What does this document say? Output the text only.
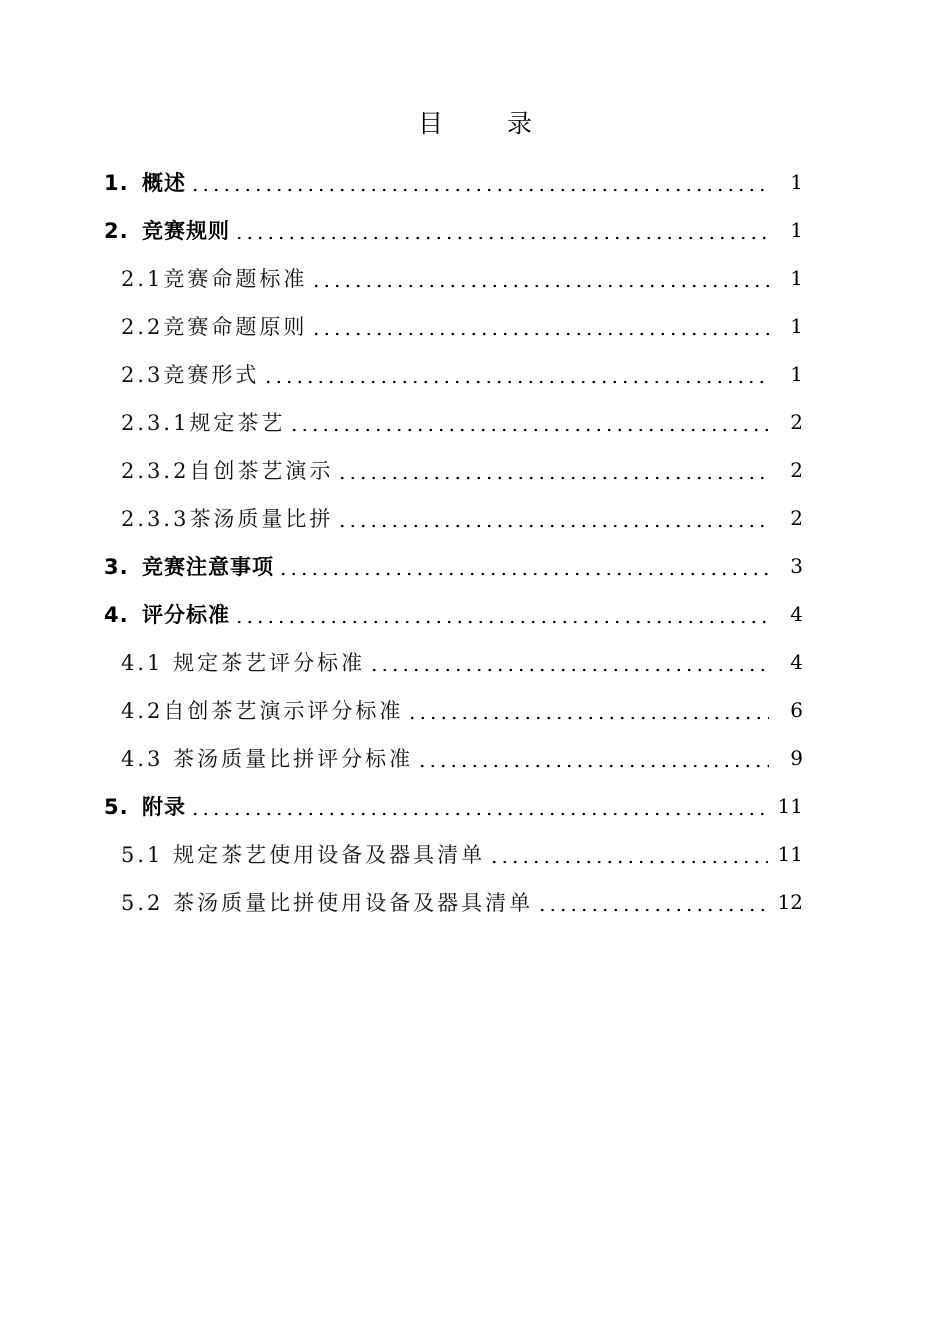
目 录
1. 概述	1
2. 竞赛规则	1
2.1竞赛命题标准	1
2.2竞赛命题原则	1
2.3竞赛形式	1
2.3.1规定茶艺	2
2.3.2自创茶艺演示	2
2.3.3茶汤质量比拼	2
3. 竞赛注意事项	3
4. 评分标准	4
4.1 规定茶艺评分标准	4
4.2自创茶艺演示评分标准	6
4.3 茶汤质量比拼评分标准	9
5. 附录	11
5.1 规定茶艺使用设备及器具清单	11
5.2 茶汤质量比拼使用设备及器具清单	12
